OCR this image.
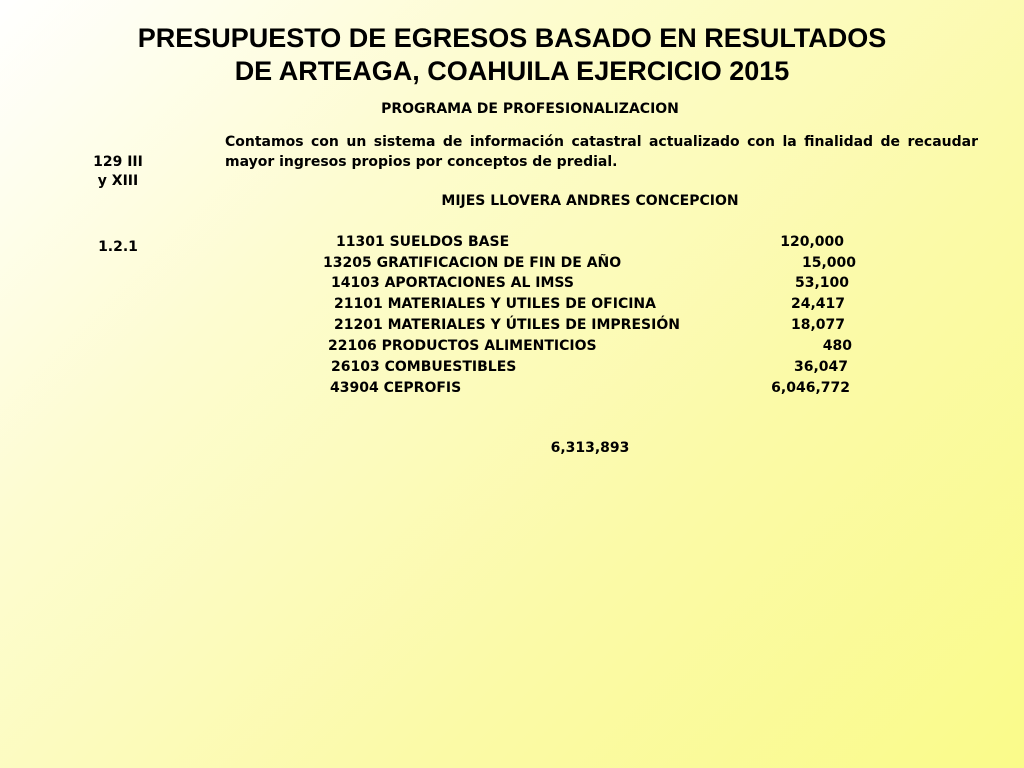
PRESUPUESTO DE EGRESOS BASADO EN RESULTADOS
DE ARTEAGA, COAHUILA EJERCICIO 2015

PROGRAMA DE PROFESIONALIZACION

129 III
y XIII
1.2.1

Contamos con un sistema de información catastral actualizado con la finalidad de recaudar mayor ingresos propios por conceptos de predial.

MIJES LLOVERA ANDRES CONCEPCION

11301 SUELDOS BASE	120,000
13205 GRATIFICACION DE FIN DE AÑO	15,000
14103 APORTACIONES AL IMSS	53,100
21101 MATERIALES Y UTILES DE OFICINA	24,417
21201 MATERIALES Y ÚTILES DE IMPRESIÓN	18,077
22106 PRODUCTOS ALIMENTICIOS	480
26103 COMBUESTIBLES	36,047
43904 CEPROFIS	6,046,772
6,313,893
